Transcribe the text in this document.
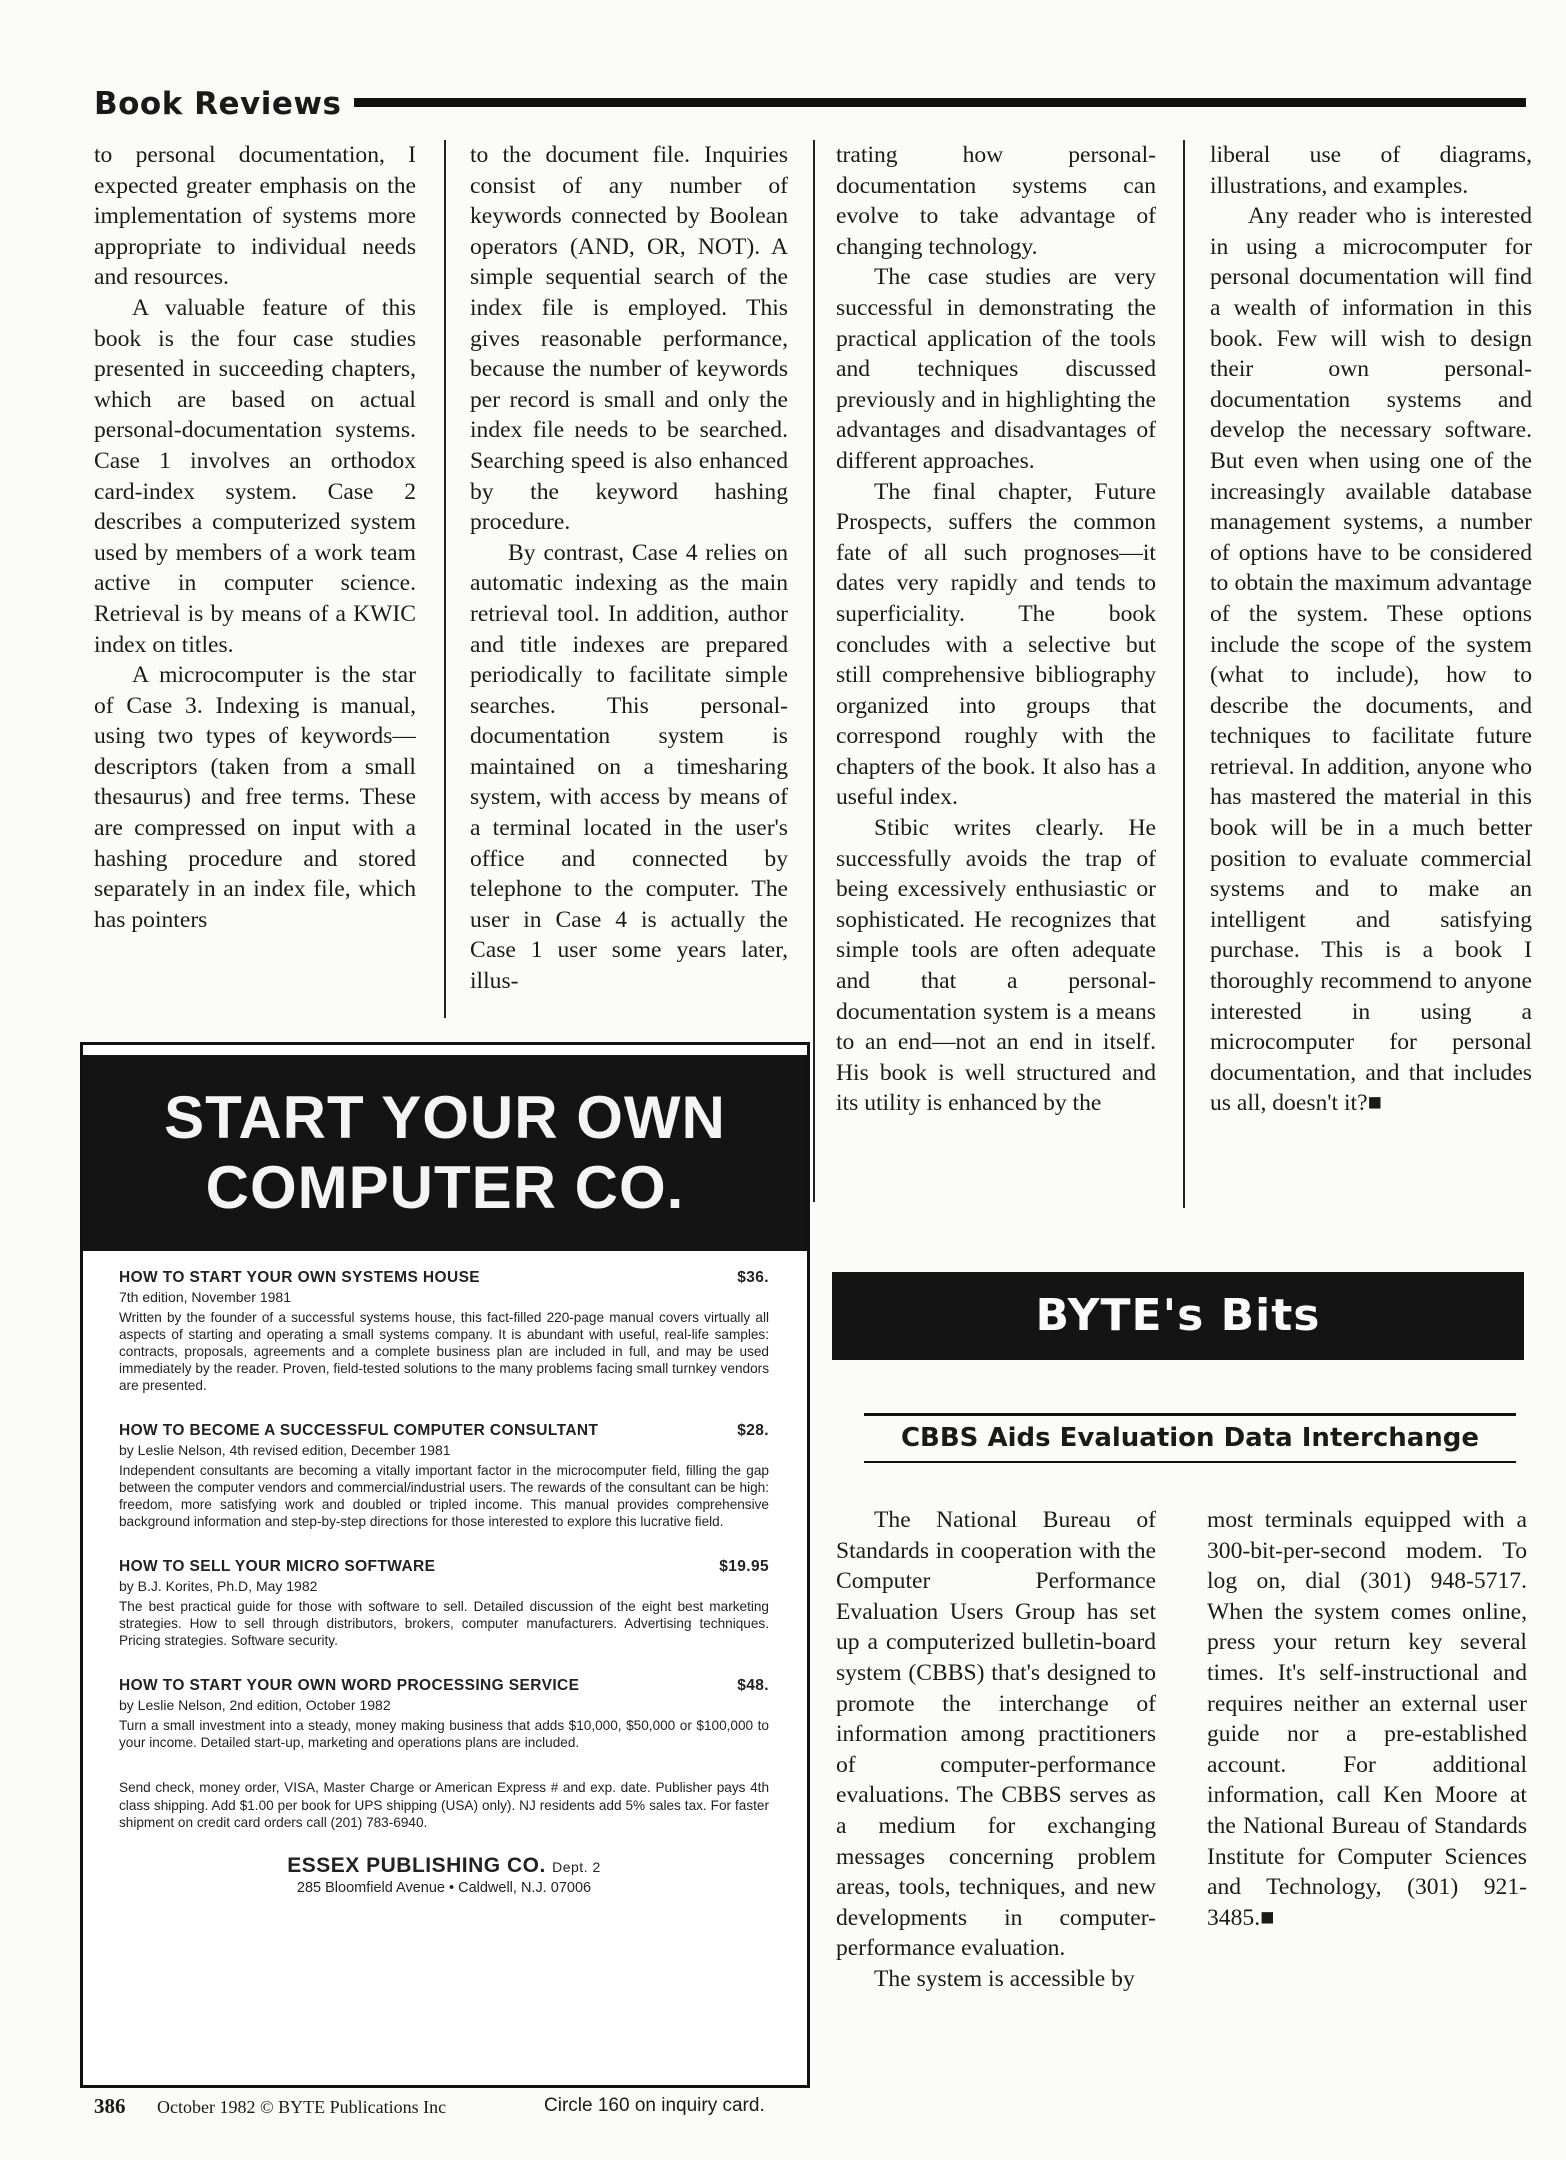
Book Reviews

to personal documentation, I expected greater emphasis on the implementation of systems more appropriate to individual needs and resources.

A valuable feature of this book is the four case studies presented in succeeding chapters, which are based on actual personal-documentation systems. Case 1 involves an orthodox card-index system. Case 2 describes a computerized system used by members of a work team active in computer science. Retrieval is by means of a KWIC index on titles.

A microcomputer is the star of Case 3. Indexing is manual, using two types of keywords—descriptors (taken from a small thesaurus) and free terms. These are compressed on input with a hashing procedure and stored separately in an index file, which has pointers

to the document file. Inquiries consist of any number of keywords connected by Boolean operators (AND, OR, NOT). A simple sequential search of the index file is employed. This gives reasonable performance, because the number of keywords per record is small and only the index file needs to be searched. Searching speed is also enhanced by the keyword hashing procedure.

By contrast, Case 4 relies on automatic indexing as the main retrieval tool. In addition, author and title indexes are prepared periodically to facilitate simple searches. This personal-documentation system is maintained on a timesharing system, with access by means of a terminal located in the user's office and connected by telephone to the computer. The user in Case 4 is actually the Case 1 user some years later, illus-

trating how personal-documentation systems can evolve to take advantage of changing technology.

The case studies are very successful in demonstrating the practical application of the tools and techniques discussed previously and in highlighting the advantages and disadvantages of different approaches.

The final chapter, Future Prospects, suffers the common fate of all such prognoses—it dates very rapidly and tends to superficiality. The book concludes with a selective but still comprehensive bibliography organized into groups that correspond roughly with the chapters of the book. It also has a useful index.

Stibic writes clearly. He successfully avoids the trap of being excessively enthusiastic or sophisticated. He recognizes that simple tools are often adequate and that a personal-documentation system is a means to an end—not an end in itself. His book is well structured and its utility is enhanced by the

liberal use of diagrams, illustrations, and examples.

Any reader who is interested in using a microcomputer for personal documentation will find a wealth of information in this book. Few will wish to design their own personal-documentation systems and develop the necessary software. But even when using one of the increasingly available database management systems, a number of options have to be considered to obtain the maximum advantage of the system. These options include the scope of the system (what to include), how to describe the documents, and techniques to facilitate future retrieval. In addition, anyone who has mastered the material in this book will be in a much better position to evaluate commercial systems and to make an intelligent and satisfying purchase. This is a book I thoroughly recommend to anyone interested in using a microcomputer for personal documentation, and that includes us all, doesn't it?■

START YOUR OWN
COMPUTER CO.
HOW TO START YOUR OWN SYSTEMS HOUSE	$36.
7th edition, November 1981
Written by the founder of a successful systems house, this fact-filled 220-page manual covers virtually all aspects of starting and operating a small systems company. It is abundant with useful, real-life samples: contracts, proposals, agreements and a complete business plan are included in full, and may be used immediately by the reader. Proven, field-tested solutions to the many problems facing small turnkey vendors are presented.
HOW TO BECOME A SUCCESSFUL COMPUTER CONSULTANT	$28.
by Leslie Nelson, 4th revised edition, December 1981
Independent consultants are becoming a vitally important factor in the microcomputer field, filling the gap between the computer vendors and commercial/industrial users. The rewards of the consultant can be high: freedom, more satisfying work and doubled or tripled income. This manual provides comprehensive background information and step-by-step directions for those interested to explore this lucrative field.
HOW TO SELL YOUR MICRO SOFTWARE	$19.95
by B.J. Korites, Ph.D, May 1982
The best practical guide for those with software to sell. Detailed discussion of the eight best marketing strategies. How to sell through distributors, brokers, computer manufacturers. Advertising techniques. Pricing strategies. Software security.
HOW TO START YOUR OWN WORD PROCESSING SERVICE	$48.
by Leslie Nelson, 2nd edition, October 1982
Turn a small investment into a steady, money making business that adds $10,000, $50,000 or $100,000 to your income. Detailed start-up, marketing and operations plans are included.
Send check, money order, VISA, Master Charge or American Express # and exp. date. Publisher pays 4th class shipping. Add $1.00 per book for UPS shipping (USA) only). NJ residents add 5% sales tax. For faster shipment on credit card orders call (201) 783-6940.
ESSEX PUBLISHING CO. Dept. 2
285 Bloomfield Avenue • Caldwell, N.J. 07006
BYTE's Bits
CBBS Aids Evaluation Data Interchange

The National Bureau of Standards in cooperation with the Computer Performance Evaluation Users Group has set up a computerized bulletin-board system (CBBS) that's designed to promote the interchange of information among practitioners of computer-performance evaluations. The CBBS serves as a medium for exchanging messages concerning problem areas, tools, techniques, and new developments in computer-performance evaluation.

The system is accessible by

most terminals equipped with a 300-bit-per-second modem. To log on, dial (301) 948-5717. When the system comes online, press your return key several times. It's self-instructional and requires neither an external user guide nor a pre-established account. For additional information, call Ken Moore at the National Bureau of Standards Institute for Computer Sciences and Technology, (301) 921-3485.■

386 October 1982 © BYTE Publications Inc	Circle 160 on inquiry card.
